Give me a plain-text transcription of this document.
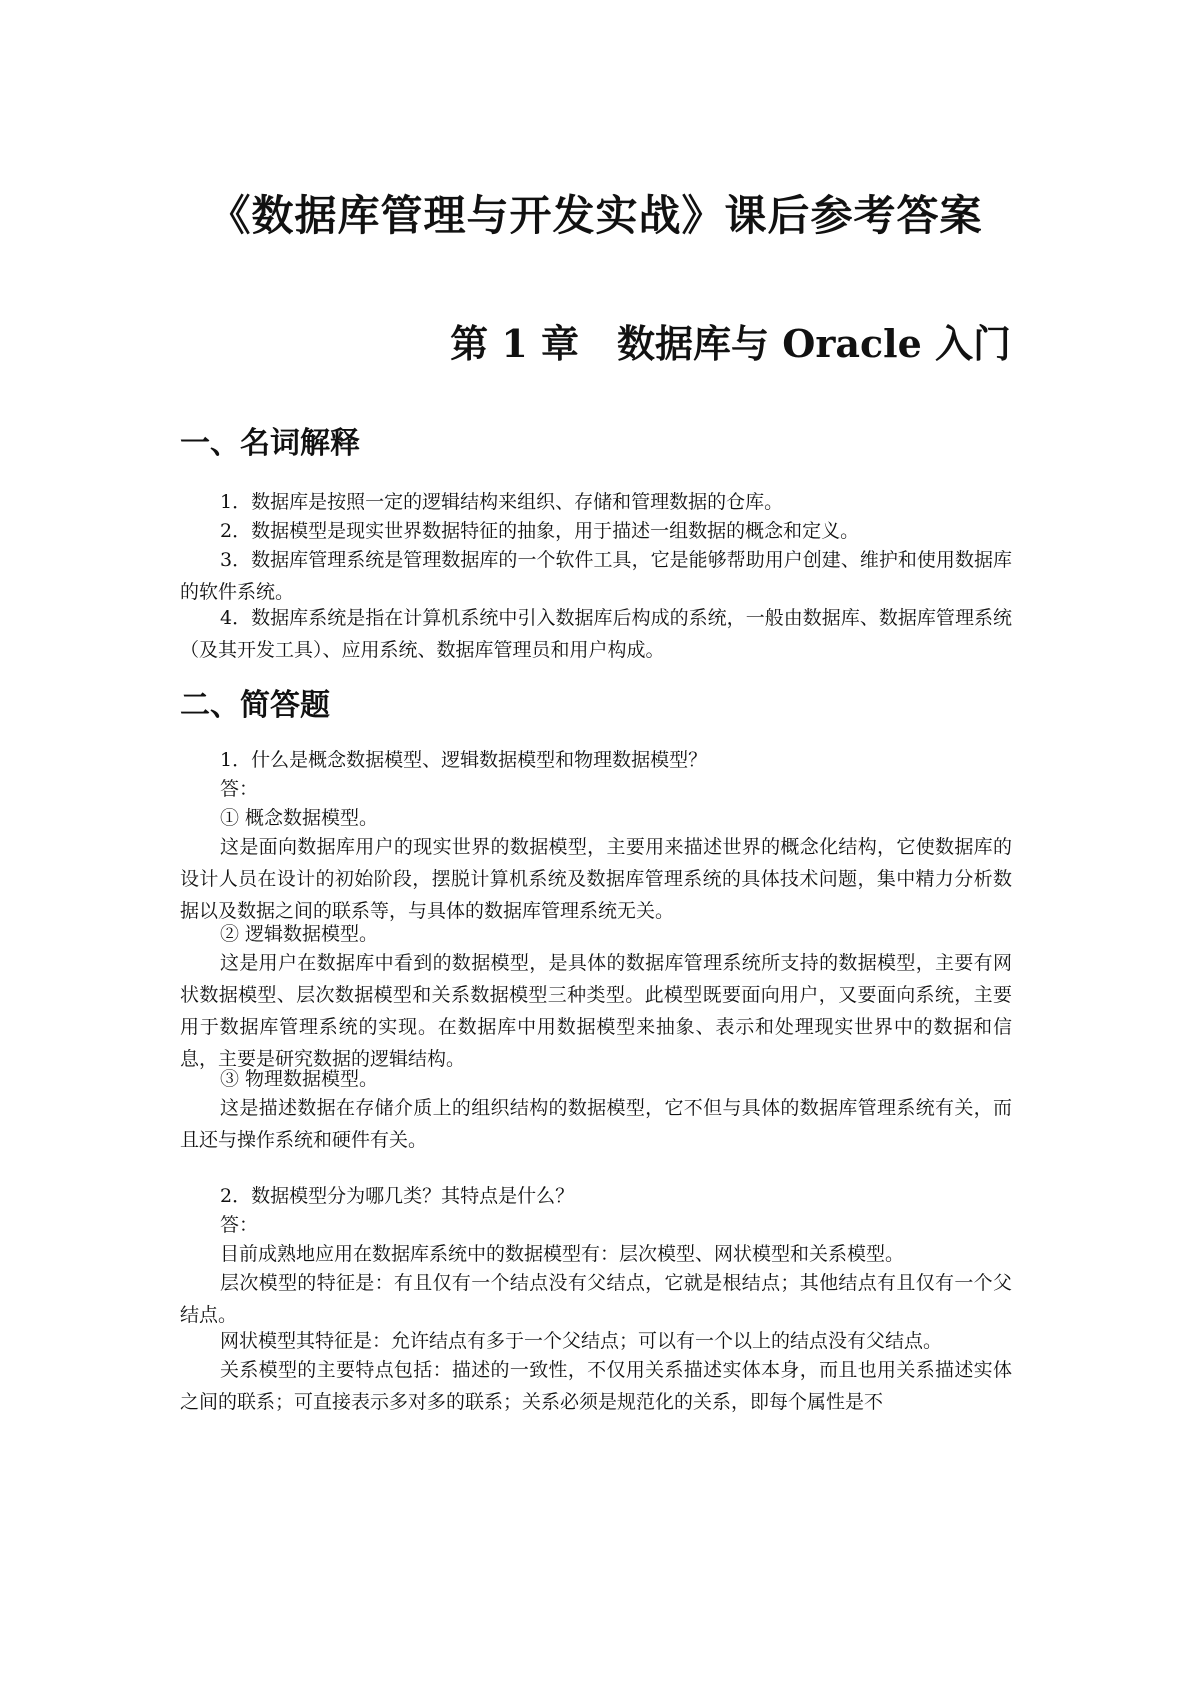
《数据库管理与开发实战》课后参考答案
第 1 章　数据库与 Oracle 入门
一、名词解释
1．数据库是按照一定的逻辑结构来组织、存储和管理数据的仓库。
2．数据模型是现实世界数据特征的抽象，用于描述一组数据的概念和定义。
3．数据库管理系统是管理数据库的一个软件工具，它是能够帮助用户创建、维护和使用数据库的软件系统。
4．数据库系统是指在计算机系统中引入数据库后构成的系统，一般由数据库、数据库管理系统（及其开发工具）、应用系统、数据库管理员和用户构成。
二、简答题
1．什么是概念数据模型、逻辑数据模型和物理数据模型？
答：
① 概念数据模型。
这是面向数据库用户的现实世界的数据模型，主要用来描述世界的概念化结构，它使数据库的设计人员在设计的初始阶段，摆脱计算机系统及数据库管理系统的具体技术问题，集中精力分析数据以及数据之间的联系等，与具体的数据库管理系统无关。
② 逻辑数据模型。
这是用户在数据库中看到的数据模型，是具体的数据库管理系统所支持的数据模型，主要有网状数据模型、层次数据模型和关系数据模型三种类型。此模型既要面向用户，又要面向系统，主要用于数据库管理系统的实现。在数据库中用数据模型来抽象、表示和处理现实世界中的数据和信息，主要是研究数据的逻辑结构。
③ 物理数据模型。
这是描述数据在存储介质上的组织结构的数据模型，它不但与具体的数据库管理系统有关，而且还与操作系统和硬件有关。
2．数据模型分为哪几类？其特点是什么？
答：
目前成熟地应用在数据库系统中的数据模型有：层次模型、网状模型和关系模型。
层次模型的特征是：有且仅有一个结点没有父结点，它就是根结点；其他结点有且仅有一个父结点。
网状模型其特征是：允许结点有多于一个父结点；可以有一个以上的结点没有父结点。
关系模型的主要特点包括：描述的一致性，不仅用关系描述实体本身，而且也用关系描述实体之间的联系；可直接表示多对多的联系；关系必须是规范化的关系，即每个属性是不
